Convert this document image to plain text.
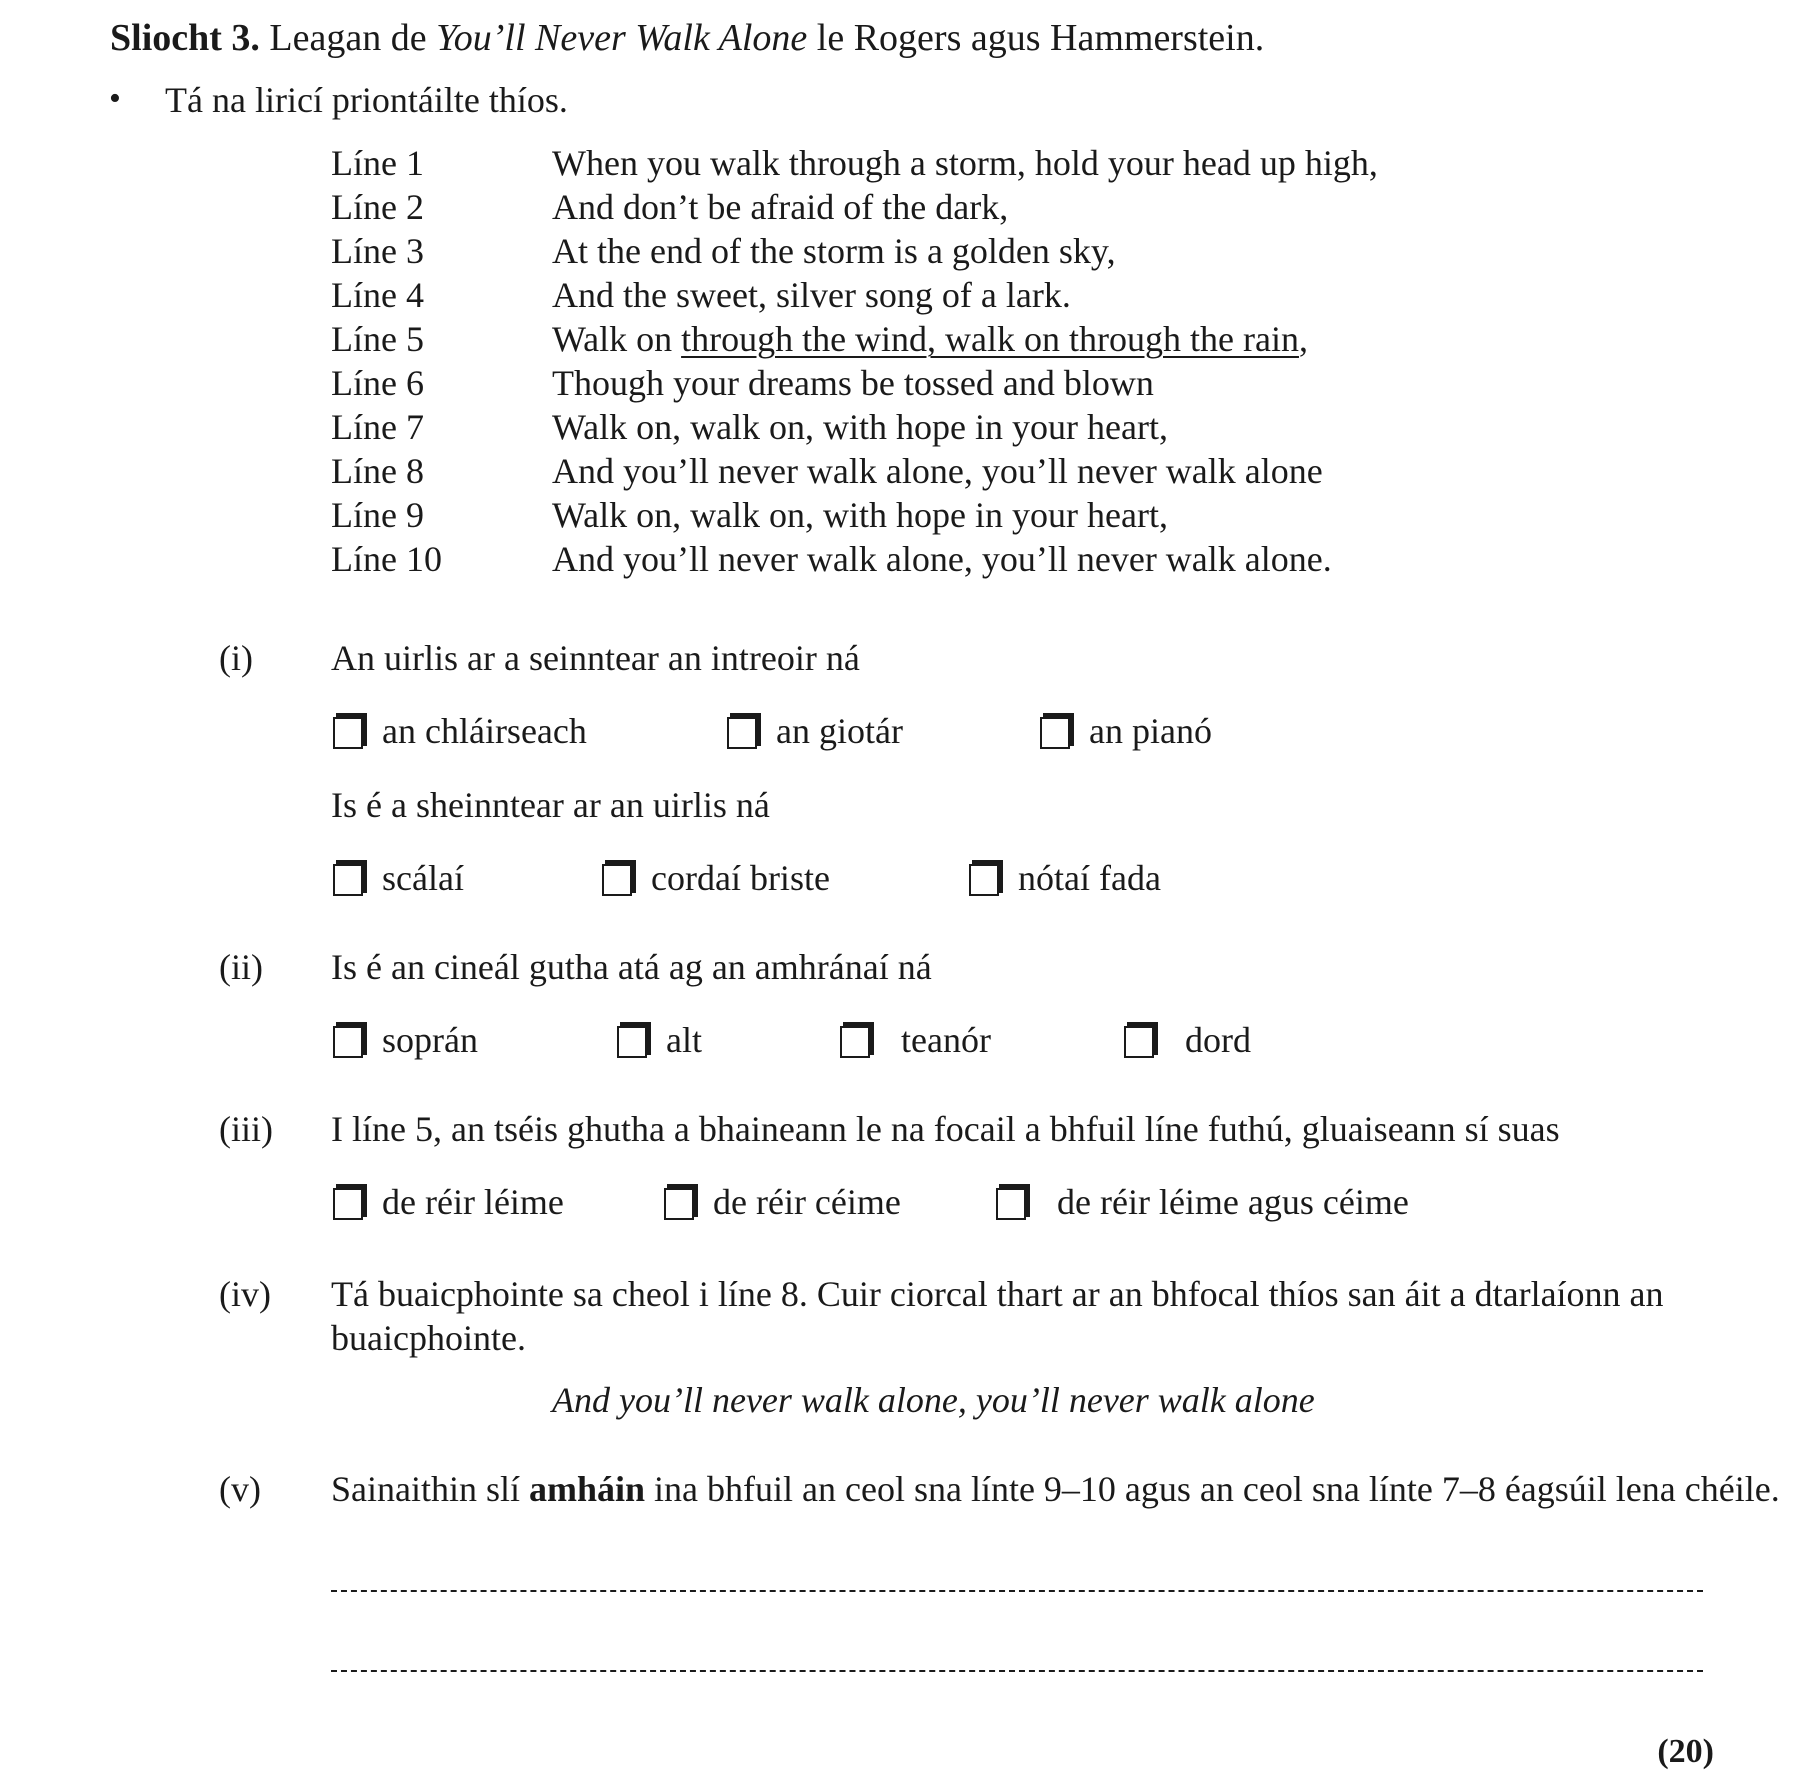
Sliocht 3. Leagan de You’ll Never Walk Alone le Rogers agus Hammerstein.
• Tá na liricí priontáilte thíos.
Líne 1	When you walk through a storm, hold your head up high,
Líne 2	And don’t be afraid of the dark,
Líne 3	At the end of the storm is a golden sky,
Líne 4	And the sweet, silver song of a lark.
Líne 5	Walk on through the wind, walk on through the rain,
Líne 6	Though your dreams be tossed and blown
Líne 7	Walk on, walk on, with hope in your heart,
Líne 8	And you’ll never walk alone, you’ll never walk alone
Líne 9	Walk on, walk on, with hope in your heart,
Líne 10	And you’ll never walk alone, you’ll never walk alone.
(i) An uirlis ar a seinntear an intreoir ná
an chláirseach	an giotár	an pianó
Is é a sheinntear ar an uirlis ná
scálaí	cordaí briste	nótaí fada
(ii) Is é an cineál gutha atá ag an amhránaí ná
soprán	alt	teanór	dord
(iii) I líne 5, an tséis ghutha a bhaineann le na focail a bhfuil líne futhú, gluaiseann sí suas
de réir léime	de réir céime	de réir léime agus céime
(iv) Tá buaicphointe sa cheol i líne 8. Cuir ciorcal thart ar an bhfocal thíos san áit a dtarlaíonn an
buaicphointe.
And you’ll never walk alone, you’ll never walk alone
(v) Sainaithin slí amháin ina bhfuil an ceol sna línte 9–10 agus an ceol sna línte 7–8 éagsúil lena chéile.
(20)
